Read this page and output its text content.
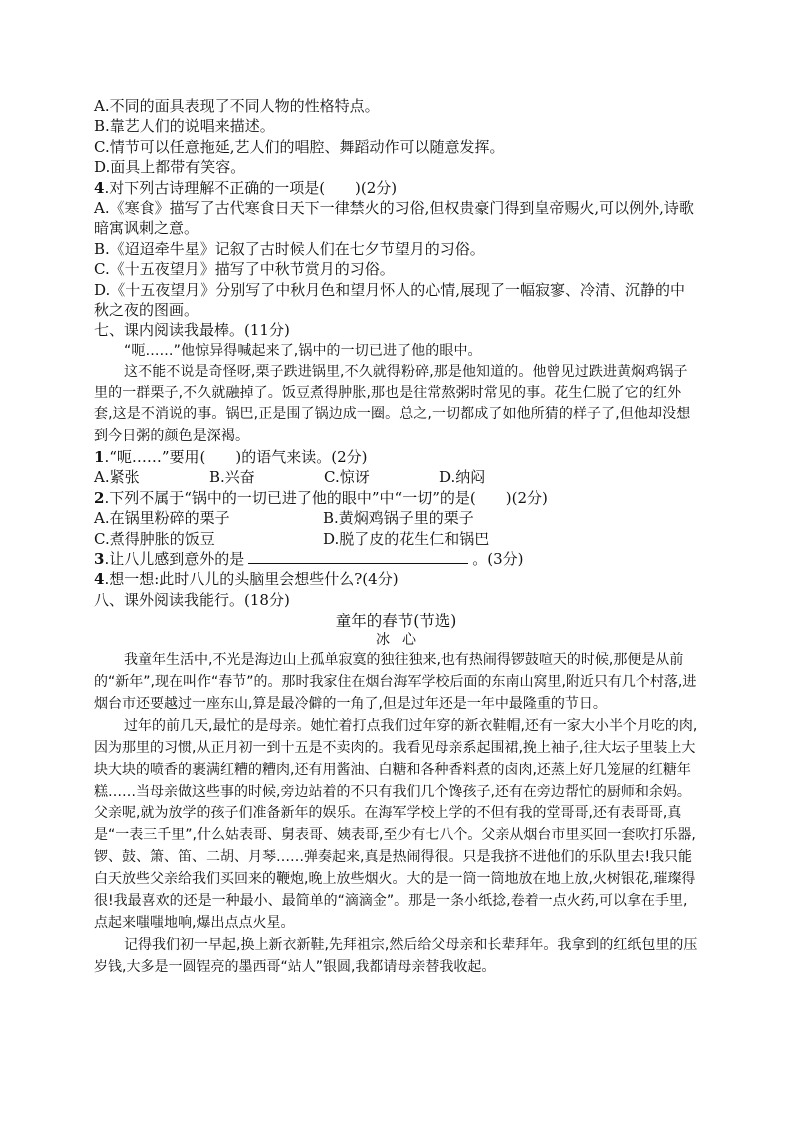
A.不同的面具表现了不同人物的性格特点。
B.靠艺人们的说唱来描述。
C.情节可以任意拖延,艺人们的唱腔、舞蹈动作可以随意发挥。
D.面具上都带有笑容。
4.对下列古诗理解不正确的一项是(　　)(2分)
A.《寒食》描写了古代寒食日天下一律禁火的习俗,但权贵豪门得到皇帝赐火,可以例外,诗歌暗寓讽刺之意。
B.《迢迢牵牛星》记叙了古时候人们在七夕节望月的习俗。
C.《十五夜望月》描写了中秋节赏月的习俗。
D.《十五夜望月》分别写了中秋月色和望月怀人的心情,展现了一幅寂寥、冷清、沉静的中秋之夜的图画。
七、课内阅读我最棒。(11分)
“呃……”他惊异得喊起来了,锅中的一切已进了他的眼中。
这不能不说是奇怪呀,栗子跌进锅里,不久就得粉碎,那是他知道的。他曾见过跌进黄焖鸡锅子里的一群栗子,不久就融掉了。饭豆煮得肿胀,那也是往常熬粥时常见的事。花生仁脱了它的红外套,这是不消说的事。锅巴,正是围了锅边成一圈。总之,一切都成了如他所猜的样子了,但他却没想到今日粥的颜色是深褐。
1.“呃……”要用(　　)的语气来读。(2分)
A.紧张	B.兴奋	C.惊讶	D.纳闷
2.下列不属于“锅中的一切已进了他的眼中”中“一切”的是(　　)(2分)
A.在锅里粉碎的栗子	B.黄焖鸡锅子里的栗子
C.煮得肿胀的饭豆	D.脱了皮的花生仁和锅巴
3.让八儿感到意外的是	。(3分)
4.想一想:此时八儿的头脑里会想些什么?(4分)
八、课外阅读我能行。(18分)
童年的春节(节选)
冰心
我童年生活中,不光是海边山上孤单寂寞的独往独来,也有热闹得锣鼓喧天的时候,那便是从前的“新年”,现在叫作“春节”的。那时我家住在烟台海军学校后面的东南山窝里,附近只有几个村落,进烟台市还要越过一座东山,算是最冷僻的一角了,但是过年还是一年中最隆重的节日。
过年的前几天,最忙的是母亲。她忙着打点我们过年穿的新衣鞋帽,还有一家大小半个月吃的肉,因为那里的习惯,从正月初一到十五是不卖肉的。我看见母亲系起围裙,挽上袖子,往大坛子里装上大块大块的喷香的裹满红糟的糟肉,还有用酱油、白糖和各种香料煮的卤肉,还蒸上好几笼屉的红糖年糕……当母亲做这些事的时候,旁边站着的不只有我们几个馋孩子,还有在旁边帮忙的厨师和余妈。父亲呢,就为放学的孩子们准备新年的娱乐。在海军学校上学的不但有我的堂哥哥,还有表哥哥,真是“一表三千里”,什么姑表哥、舅表哥、姨表哥,至少有七八个。父亲从烟台市里买回一套吹打乐器,锣、鼓、箫、笛、二胡、月琴……弹奏起来,真是热闹得很。只是我挤不进他们的乐队里去!我只能白天放些父亲给我们买回来的鞭炮,晚上放些烟火。大的是一筒一筒地放在地上放,火树银花,璀璨得很!我最喜欢的还是一种最小、最简单的“滴滴金”。那是一条小纸捻,卷着一点火药,可以拿在手里,点起来嗤嗤地响,爆出点点火星。
记得我们初一早起,换上新衣新鞋,先拜祖宗,然后给父母亲和长辈拜年。我拿到的红纸包里的压岁钱,大多是一圆锃亮的墨西哥“站人”银圆,我都请母亲替我收起。
